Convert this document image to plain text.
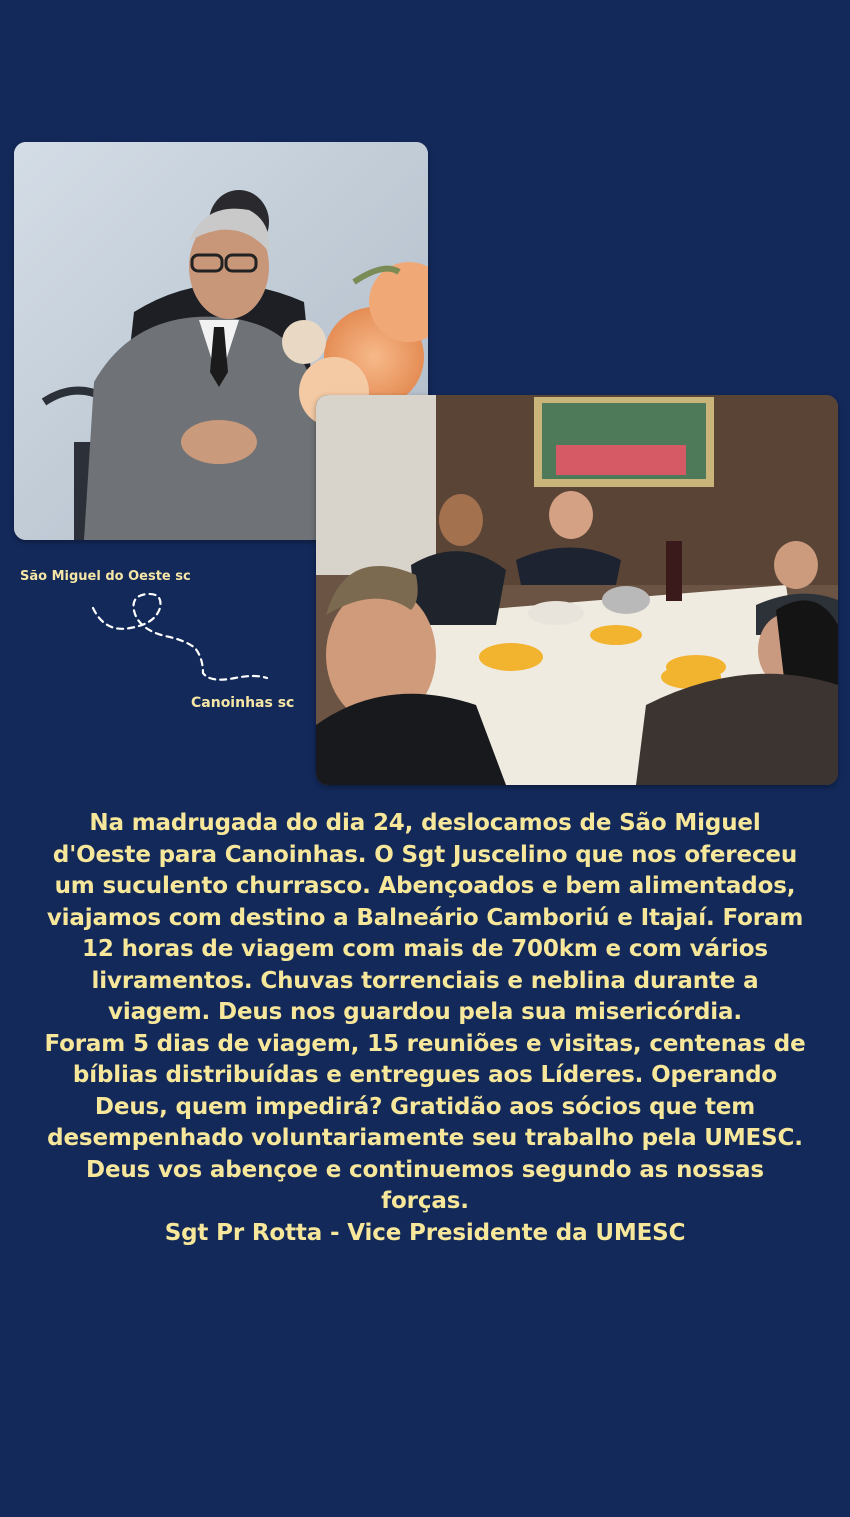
São Miguel do Oeste sc
Canoinhas sc
Na madrugada do dia 24, deslocamos de São Miguel
d'Oeste para Canoinhas. O Sgt Juscelino que nos ofereceu
um suculento churrasco. Abençoados e bem alimentados,
viajamos com destino a Balneário Camboriú e Itajaí. Foram
12 horas de viagem com mais de 700km e com vários
livramentos. Chuvas torrenciais e neblina durante a
viagem. Deus nos guardou pela sua misericórdia.
Foram 5 dias de viagem, 15 reuniões e visitas, centenas de
bíblias distribuídas e entregues aos Líderes. Operando
Deus, quem impedirá? Gratidão aos sócios que tem
desempenhado voluntariamente seu trabalho pela UMESC.
Deus vos abençoe e continuemos segundo as nossas
forças.
Sgt Pr Rotta - Vice Presidente da UMESC
